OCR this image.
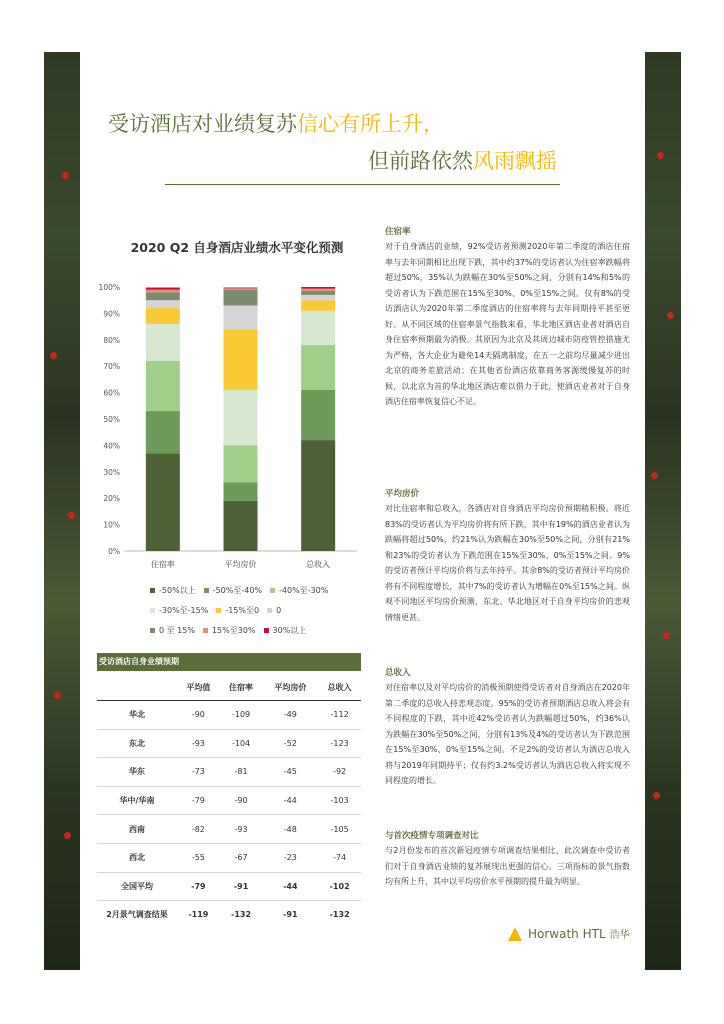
受访酒店对业绩复苏信心有所上升，
但前路依然风雨飘摇
2020 Q2 自身酒店业绩水平变化预测
0%
10%
20%
30%
40%
50%
60%
70%
80%
90%
100%
住宿率	平均房价	总收入
-50%以上 -50%至-40% -40%至-30%
-30%至-15% -15%至0 0
0 至 15% 15%至30% 30%以上
受访酒店自身业绩预期
	平均值	住宿率	平均房价	总收入
华北	-90	-109	-49	-112
东北	-93	-104	-52	-123
华东	-73	-81	-45	-92
华中/华南	-79	-90	-44	-103
西南	-82	-93	-48	-105
西北	-55	-67	-23	-74
全国平均	-79	-91	-44	-102
2月景气调查结果	-119	-132	-91	-132
住宿率

对于自身酒店的业绩，92%受访者预测2020年第二季度的酒店住宿率与去年同期相比出现下跌，其中约37%的受访者认为住宿率跌幅将超过50%，35%认为跌幅在30%至50%之间，分别有14%和5%的受访者认为下跌范围在15%至30%、0%至15%之间。仅有8%的受访酒店认为2020年第二季度酒店的住宿率将与去年同期持平甚至更好。从不同区域的住宿率景气指数来看，华北地区酒店业者对酒店自身住宿率预期最为消极。其原因为北京及其周边城市防疫管控措施尤为严格，各大企业为避免14天隔离制度，在五一之前均尽量减少进出北京的商务差旅活动；在其他省份酒店依靠商务客源缓慢复苏的时候，以北京为首的华北地区酒店难以借力于此，使酒店业者对于自身酒店住宿率恢复信心不足。

平均房价

对比住宿率和总收入，各酒店对自身酒店平均房价预期稍积极。将近83%的受访者认为平均房价将有所下跌，其中有19%的酒店业者认为跌幅将超过50%，约21%认为跌幅在30%至50%之间，分别有21%和23%的受访者认为下跌范围在15%至30%、0%至15%之间。9%的受访者预计平均房价将与去年持平。其余8%的受访者预计平均房价将有不同程度增长，其中7%的受访者认为增幅在0%至15%之间。纵观不同地区平均房价预测，东北、华北地区对于自身平均房价的悲观情绪更甚。

总收入

对住宿率以及对平均房价的消极预期使得受访者对自身酒店在2020年第二季度的总收入持悲观态度。95%的受访者预期酒店总收入将会有不同程度的下跌，其中近42%受访者认为跌幅超过50%，约36%认为跌幅在30%至50%之间，分别有13%及4%的受访者认为下跌范围在15%至30%、0%至15%之间。不足2%的受访者认为酒店总收入将与2019年同期持平；仅有约3.2%受访者认为酒店总收入将实现不同程度的增长。

与首次疫情专项调查对比

与2月份发布的首次新冠疫情专项调查结果相比，此次调查中受访者们对于自身酒店业绩的复苏展现出更强的信心。三项指标的景气指数均有所上升，其中以平均房价水平预期的提升最为明显。

Horwath HTL 浩华
